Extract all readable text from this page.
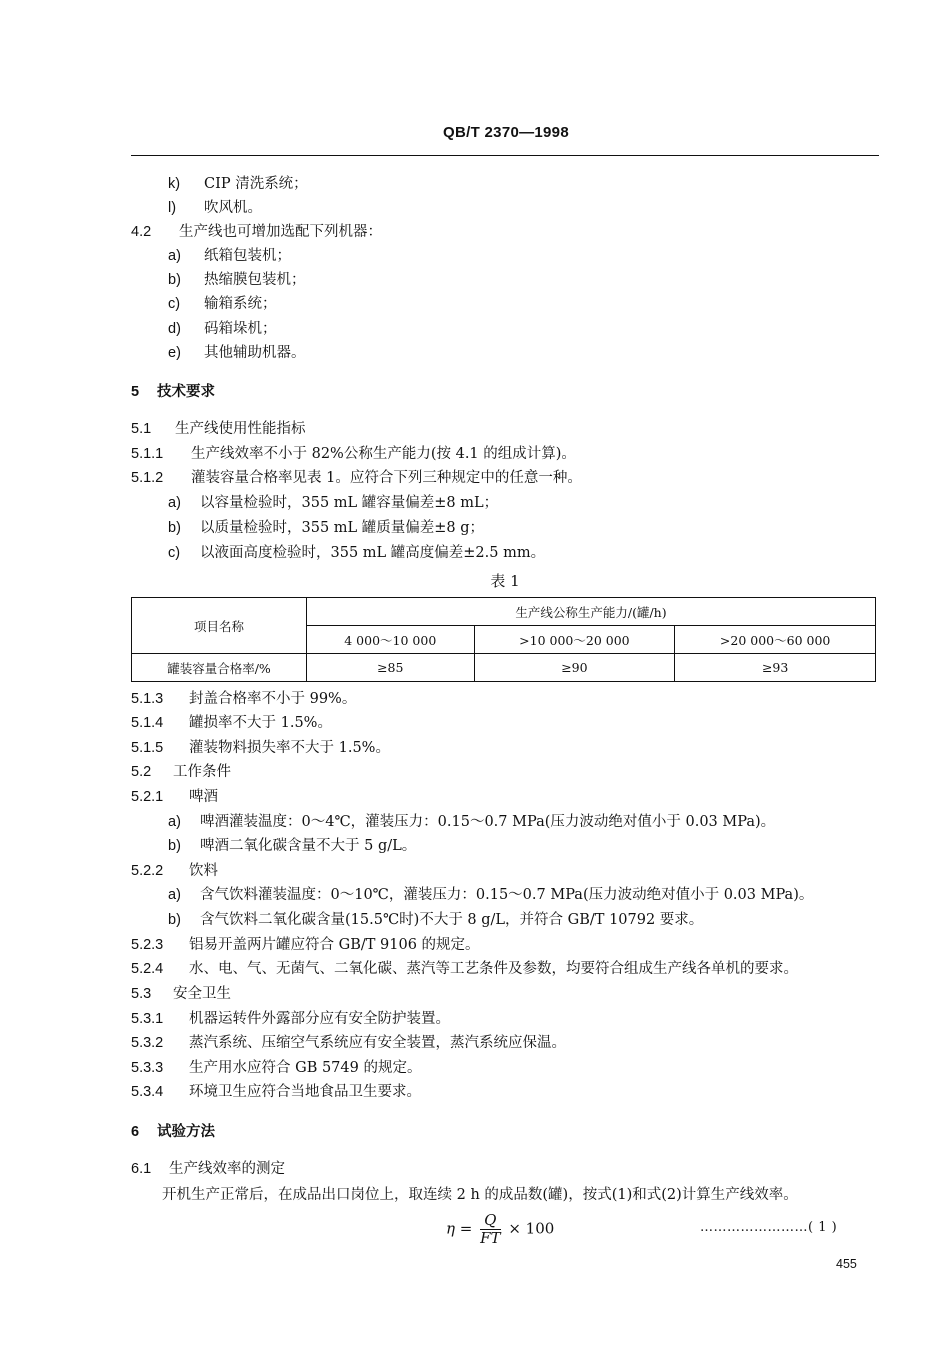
QB/T 2370—1998
k) CIP 清洗系统；
l) 吹风机。
4.2 生产线也可增加选配下列机器：
a) 纸箱包装机；
b) 热缩膜包装机；
c) 输箱系统；
d) 码箱垛机；
e) 其他辅助机器。
5 技术要求
5.1 生产线使用性能指标
5.1.1 生产线效率不小于 82%公称生产能力(按 4.1 的组成计算)。
5.1.2 灌装容量合格率见表 1。应符合下列三种规定中的任意一种。
a) 以容量检验时，355 mL 罐容量偏差±8 mL；
b) 以质量检验时，355 mL 罐质量偏差±8 g；
c) 以液面高度检验时，355 mL 罐高度偏差±2.5 mm。
表 1
项目名称	生产线公称生产能力/(罐/h)		
	4 000～10 000	>10 000～20 000	>20 000～60 000
罐装容量合格率/%	≥85	≥90	≥93
5.1.3 封盖合格率不小于 99%。
5.1.4 罐损率不大于 1.5%。
5.1.5 灌装物料损失率不大于 1.5%。
5.2 工作条件
5.2.1 啤酒
a) 啤酒灌装温度：0～4℃，灌装压力：0.15～0.7 MPa(压力波动绝对值小于 0.03 MPa)。
b) 啤酒二氧化碳含量不大于 5 g/L。
5.2.2 饮料
a) 含气饮料灌装温度：0～10℃，灌装压力：0.15～0.7 MPa(压力波动绝对值小于 0.03 MPa)。
b) 含气饮料二氧化碳含量(15.5℃时)不大于 8 g/L，并符合 GB/T 10792 要求。
5.2.3 铝易开盖两片罐应符合 GB/T 9106 的规定。
5.2.4 水、电、气、无菌气、二氧化碳、蒸汽等工艺条件及参数，均要符合组成生产线各单机的要求。
5.3 安全卫生
5.3.1 机器运转件外露部分应有安全防护装置。
5.3.2 蒸汽系统、压缩空气系统应有安全装置，蒸汽系统应保温。
5.3.3 生产用水应符合 GB 5749 的规定。
5.3.4 环境卫生应符合当地食品卫生要求。
6 试验方法
6.1 生产线效率的测定
开机生产正常后，在成品出口岗位上，取连续 2 h 的成品数(罐)，按式(1)和式(2)计算生产线效率。
$\eta = \frac{Q}{FT} \times 100$	……………………( 1 )
455
